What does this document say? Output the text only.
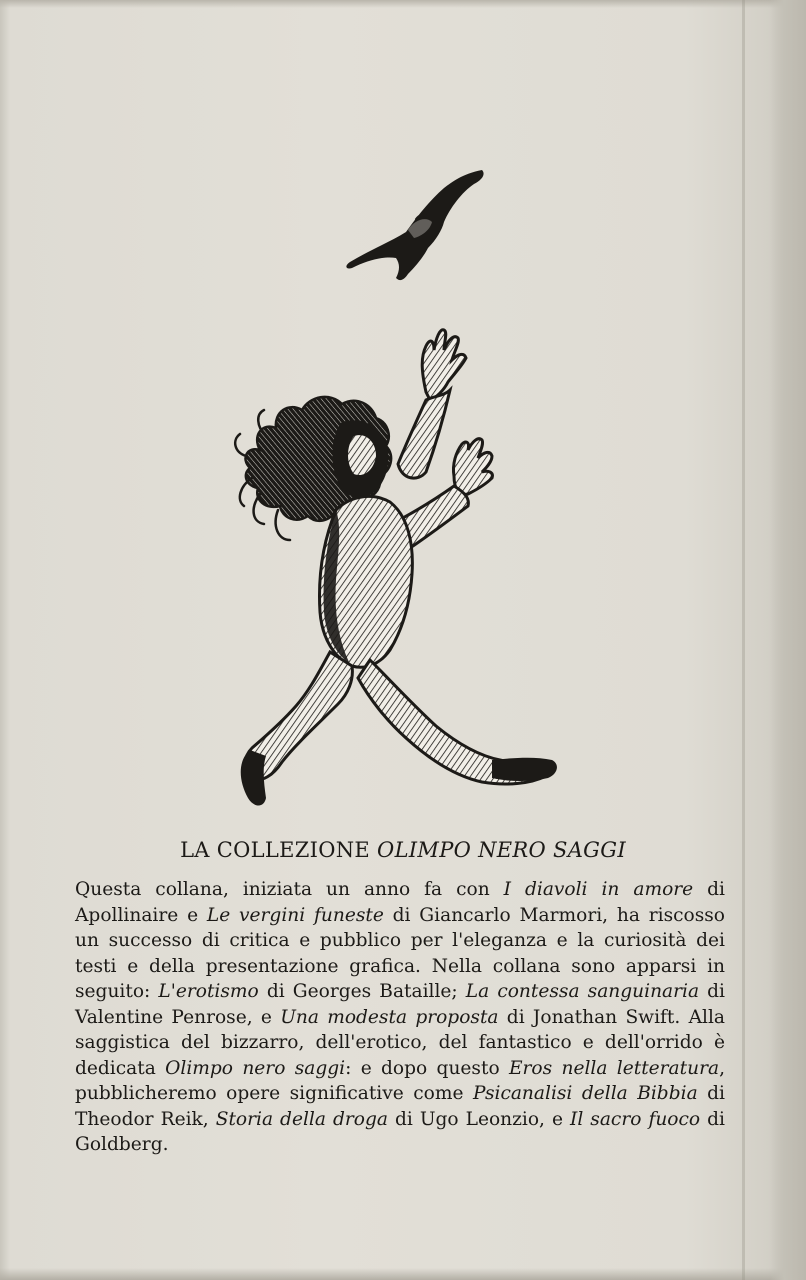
LA COLLEZIONE OLIMPO NERO SAGGI
Questa collana, iniziata un anno fa con I diavoli in amore di Apollinaire e Le vergini funeste di Giancarlo Marmori, ha riscosso un successo di critica e pubblico per l'eleganza e la curiosità dei testi e della presentazione grafica. Nella collana sono apparsi in seguito: L'erotismo di Georges Bataille; La contessa sanguinaria di Valentine Penrose, e Una modesta proposta di Jonathan Swift. Alla saggistica del bizzarro, dell'erotico, del fantastico e dell'orrido è dedicata Olimpo nero saggi: e dopo questo Eros nella letteratura, pubblicheremo opere significative come Psicanalisi della Bibbia di Theodor Reik, Storia della droga di Ugo Leonzio, e Il sacro fuoco di Goldberg.
